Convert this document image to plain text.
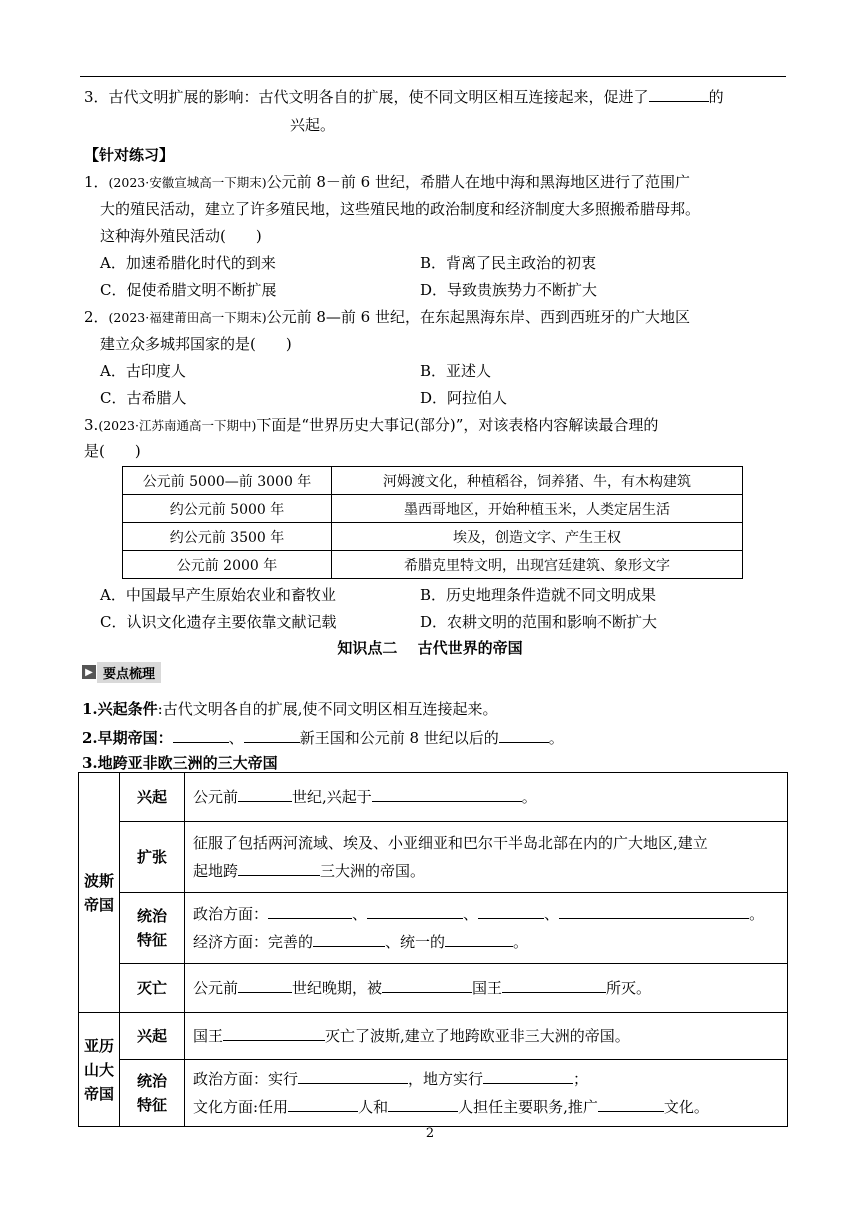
3．古代文明扩展的影响：古代文明各自的扩展，使不同文明区相互连接起来，促进了	的
兴起。
【针对练习】
1．(2023·安徽宣城高一下期末)公元前 8－前 6 世纪，希腊人在地中海和黑海地区进行了范围广
大的殖民活动，建立了许多殖民地，这些殖民地的政治制度和经济制度大多照搬希腊母邦。
这种海外殖民活动(　　)
A．加速希腊化时代的到来	B．背离了民主政治的初衷
C．促使希腊文明不断扩展	D．导致贵族势力不断扩大
2．(2023·福建莆田高一下期末)公元前 8—前 6 世纪，在东起黑海东岸、西到西班牙的广大地区
建立众多城邦国家的是(　　)
A．古印度人	B．亚述人
C．古希腊人	D．阿拉伯人
3.(2023·江苏南通高一下期中)下面是“世界历史大事记(部分)”，对该表格内容解读最合理的
是(　　)
公元前 5000—前 3000 年	河姆渡文化，种植稻谷，饲养猪、牛，有木构建筑
约公元前 5000 年	墨西哥地区，开始种植玉米，人类定居生活
约公元前 3500 年	埃及，创造文字、产生王权
公元前 2000 年	希腊克里特文明，出现宫廷建筑、象形文字
A．中国最早产生原始农业和畜牧业	B．历史地理条件造就不同文明成果
C．认识文化遗存主要依靠文献记载	D．农耕文明的范围和影响不断扩大
知识点二　 古代世界的帝国
▶ 要点梳理
1.兴起条件:古代文明各自的扩展,使不同文明区相互连接起来。
2.早期帝国：	、	新王国和公元前 8 世纪以后的	。
3.地跨亚非欧三洲的三大帝国
波斯帝国	兴起	公元前 世纪,兴起于 。
	扩张	征服了包括两河流域、埃及、小亚细亚和巴尔干半岛北部在内的广大地区,建立
起地跨 三大洲的帝国。

	统治特征	政治方面： 、 、 、 。
经济方面：完善的 、统一的 。

	灭亡	公元前 世纪晚期，被 国王 所灭。

亚历山大帝国	兴起	国王 灭亡了波斯,建立了地跨欧亚非三大洲的帝国。

	统治特征	政治方面：实行 ，地方实行 ；
文化方面:任用 人和 人担任主要职务,推广 文化。
2
